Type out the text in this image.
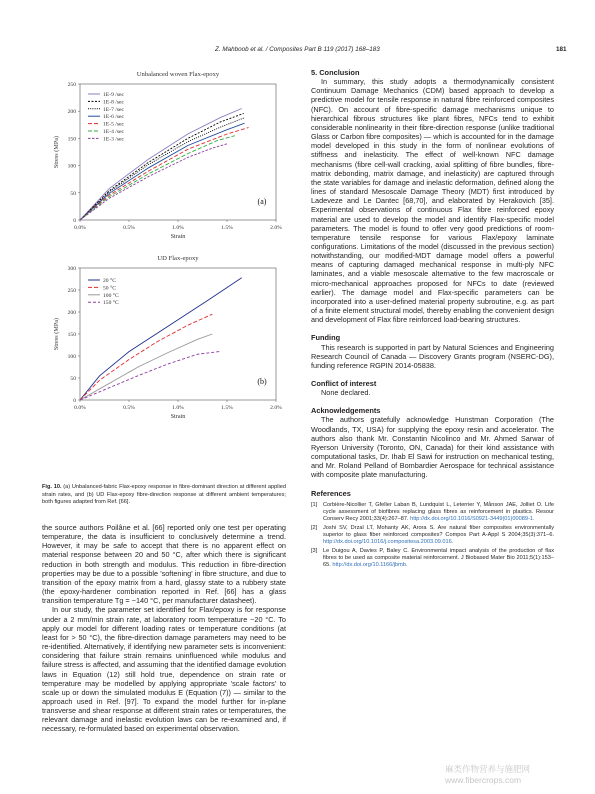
Z. Mahboob et al. / Composites Part B 119 (2017) 168–183	181
Unbalanced woven Flax-epoxy
0
50
100
150
200
250
0.0%	0.5%	1.0%	1.5%	2.0%
Strain
Stress (MPa)
1E-9 /sec
1E-8 /sec
1E-7 /sec
1E-6 /sec
1E-5 /sec
1E-4 /sec
1E-3 /sec
(a)
UD Flax-epoxy
0
50
100
150
200
250
300
0.0%	0.5%	1.0%	1.5%	2.0%
Strain
Stress (MPa)
20 °C
50 °C
100 °C
150 °C
(b)
Fig. 10. (a) Unbalanced-fabric Flax-epoxy response in fibre-dominant direction at different applied strain rates, and (b) UD Flax-epoxy fibre-direction response at different ambient temperatures; both figures adapted from Ref. [66].

the source authors Poilâne et al. [66] reported only one test per operating temperature, the data is insufficient to conclusively determine a trend. However, it may be safe to accept that there is no apparent effect on material response between 20 and 50 °C, after which there is significant reduction in both strength and modulus. This reduction in fibre-direction properties may be due to a possible 'softening' in fibre structure, and due to transition of the epoxy matrix from a hard, glassy state to a rubbery state (the epoxy-hardener combination reported in Ref. [66] has a glass transition temperature Tg = ~140 °C, per manufacturer datasheet).

In our study, the parameter set identified for Flax/epoxy is for response under a 2 mm/min strain rate, at laboratory room temperature ~20 °C. To apply our model for different loading rates or temperature conditions (at least for > 50 °C), the fibre-direction damage parameters may need to be re-identified. Alternatively, if identifying new parameter sets is inconvenient: considering that failure strain remains uninfluenced while modulus and failure stress is affected, and assuming that the identified damage evolution laws in Equation (12) still hold true, dependence on strain rate or temperature may be modelled by applying appropriate 'scale factors' to scale up or down the simulated modulus E (Equation (7)) — similar to the approach used in Ref. [97]. To expand the model further for in-plane transverse and shear response at different strain rates or temperatures, the relevant damage and inelastic evolution laws can be re-examined and, if necessary, re-formulated based on experimental observation.

5. Conclusion

In summary, this study adopts a thermodynamically consistent Continuum Damage Mechanics (CDM) based approach to develop a predictive model for tensile response in natural fibre reinforced composites (NFC). On account of fibre-specific damage mechanisms unique to hierarchical fibrous structures like plant fibres, NFCs tend to exhibit considerable nonlinearity in their fibre-direction response (unlike traditional Glass or Carbon fibre composites) — which is accounted for in the damage model developed in this study in the form of nonlinear evolutions of stiffness and inelasticity. The effect of well-known NFC damage mechanisms (fibre cell-wall cracking, axial splitting of fibre bundles, fibre-matrix debonding, matrix damage, and inelasticity) are captured through the state variables for damage and inelastic deformation, defined along the lines of standard Mesoscale Damage Theory (MDT) first introduced by Ladeveze and Le Dantec [68,70], and elaborated by Herakovich [35]. Experimental observations of continuous Flax fibre reinforced epoxy material are used to develop the model and identify Flax-specific model parameters. The model is found to offer very good predictions of room-temperature tensile response for various Flax/epoxy laminate configurations. Limitations of the model (discussed in the previous section) notwithstanding, our modified-MDT damage model offers a powerful means of capturing damaged mechanical response in multi-ply NFC laminates, and a viable mesoscale alternative to the few macroscale or micro-mechanical approaches proposed for NFCs to date (reviewed earlier). The damage model and Flax-specific parameters can be incorporated into a user-defined material property subroutine, e.g. as part of a finite element structural model, thereby enabling the convenient design and development of Flax fibre reinforced load-bearing structures.

Funding

This research is supported in part by Natural Sciences and Engineering Research Council of Canada — Discovery Grants program (NSERC-DG), funding reference RGPIN 2014-05838.

Conflict of interest

None declared.

Acknowledgements

The authors gratefully acknowledge Hunstman Corporation (The Woodlands, TX, USA) for supplying the epoxy resin and accelerator. The authors also thank Mr. Constantin Nicolinco and Mr. Ahmed Sarwar of Ryerson University (Toronto, ON, Canada) for their kind assistance with computational tasks, Dr. Ihab El Sawi for instruction on mechanical testing, and Mr. Roland Pelland of Bombardier Aerospace for technical assistance with composite plate manufacturing.

References

[1]	Corbière-Nicollier T, Gfeller Laban B, Lundquist L, Leterrier Y, Månson JAE, Jolliet O. Life cycle assessment of biofibres replacing glass fibres as reinforcement in plastics. Resour Conserv Recy 2001;33(4):267–87. http://dx.doi.org/10.1016/S0921-3449(01)00089-1.
[2]	Joshi SV, Drzal LT, Mohanty AK, Arora S. Are natural fiber composites environmentally superior to glass fiber reinforced composites? Compos Part A-Appl S 2004;35(3):371–6. http://dx.doi.org/10.1016/j.compositesa.2003.09.016.
[3]	Le Duigou A, Davies P, Baley C. Environmental impact analysis of the production of flax fibres to be used as composite material reinforcement. J Biobased Mater Bio 2011;5(1):153–65. http://dx.doi.org/10.1166/jbmb.
麻类作物营养与施肥网 www.fibercrops.com
